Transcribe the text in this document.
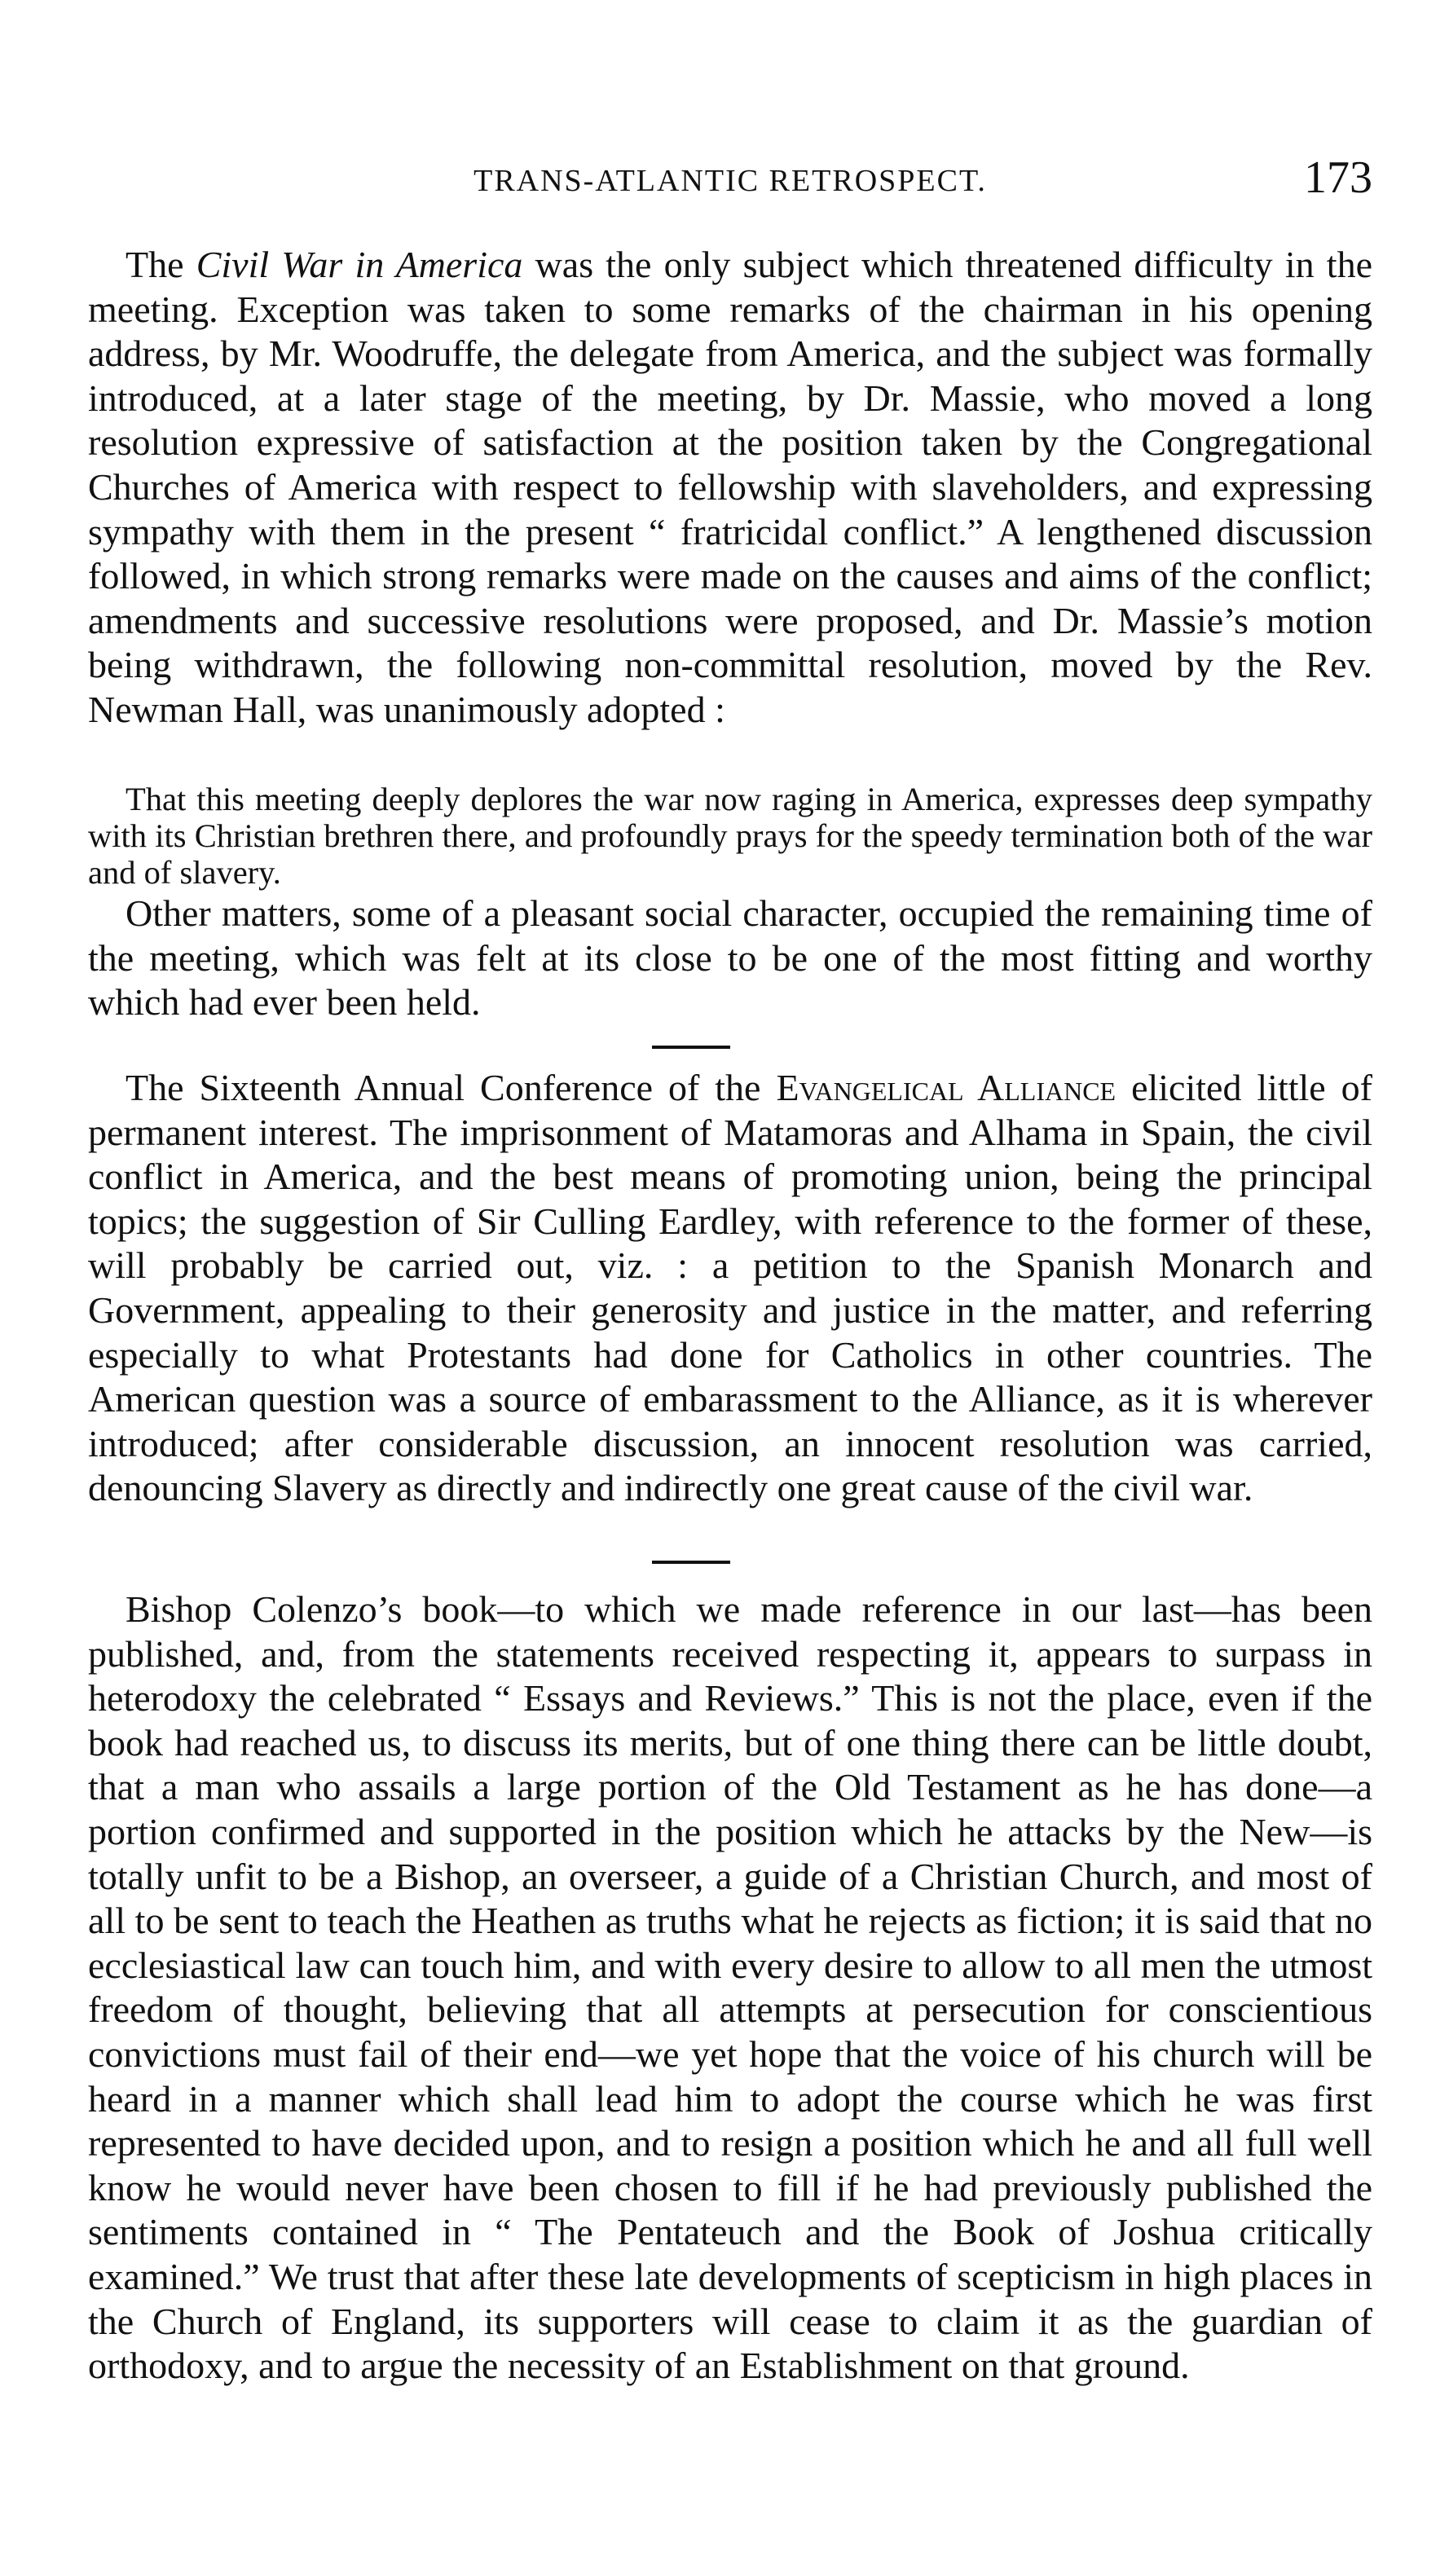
TRANS-ATLANTIC RETROSPECT.	173

The Civil War in America was the only subject which threatened difficulty in the meeting. Exception was taken to some remarks of the chairman in his opening address, by Mr. Woodruffe, the delegate from America, and the subject was formally introduced, at a later stage of the meeting, by Dr. Massie, who moved a long resolution expressive of satisfaction at the position taken by the Congregational Churches of America with respect to fellowship with slaveholders, and expressing sympathy with them in the present “ fratricidal conflict.” A lengthened discussion followed, in which strong remarks were made on the causes and aims of the conflict; amendments and successive resolutions were proposed, and Dr. Massie’s motion being withdrawn, the following non-committal resolution, moved by the Rev. Newman Hall, was unanimously adopted :

That this meeting deeply deplores the war now raging in America, expresses deep sympathy with its Christian brethren there, and profoundly prays for the speedy termination both of the war and of slavery.

Other matters, some of a pleasant social character, occupied the remaining time of the meeting, which was felt at its close to be one of the most fitting and worthy which had ever been held.

The Sixteenth Annual Conference of the Evangelical Alliance elicited little of permanent interest. The imprisonment of Matamoras and Alhama in Spain, the civil conflict in America, and the best means of promoting union, being the principal topics; the suggestion of Sir Culling Eardley, with reference to the former of these, will probably be carried out, viz. : a petition to the Spanish Monarch and Government, appealing to their generosity and justice in the matter, and referring especially to what Protestants had done for Catholics in other countries. The American question was a source of embarassment to the Alliance, as it is wherever introduced; after considerable discussion, an innocent resolution was carried, denouncing Slavery as directly and indirectly one great cause of the civil war.

Bishop Colenzo’s book—to which we made reference in our last—has been published, and, from the statements received respecting it, appears to surpass in heterodoxy the celebrated “ Essays and Reviews.” This is not the place, even if the book had reached us, to discuss its merits, but of one thing there can be little doubt, that a man who assails a large portion of the Old Testament as he has done—a portion confirmed and supported in the position which he attacks by the New—is totally unfit to be a Bishop, an overseer, a guide of a Christian Church, and most of all to be sent to teach the Heathen as truths what he rejects as fiction; it is said that no ecclesiastical law can touch him, and with every desire to allow to all men the utmost freedom of thought, believing that all attempts at persecution for conscientious convictions must fail of their end—we yet hope that the voice of his church will be heard in a manner which shall lead him to adopt the course which he was first represented to have decided upon, and to resign a position which he and all full well know he would never have been chosen to fill if he had previously published the sentiments contained in “ The Pentateuch and the Book of Joshua critically examined.” We trust that after these late developments of scepticism in high places in the Church of England, its supporters will cease to claim it as the guardian of orthodoxy, and to argue the necessity of an Establishment on that ground.
